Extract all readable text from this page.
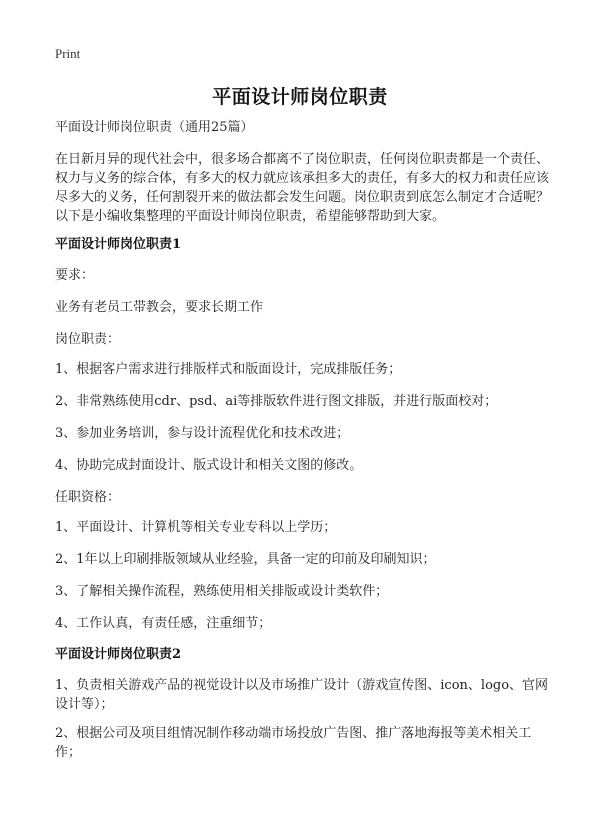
Print
平面设计师岗位职责
平面设计师岗位职责（通用25篇）
在日新月异的现代社会中，很多场合都离不了岗位职责，任何岗位职责都是一个责任、权力与义务的综合体，有多大的权力就应该承担多大的责任，有多大的权力和责任应该尽多大的义务，任何割裂开来的做法都会发生问题。岗位职责到底怎么制定才合适呢？以下是小编收集整理的平面设计师岗位职责，希望能够帮助到大家。
平面设计师岗位职责1
要求：
业务有老员工带教会，要求长期工作
岗位职责：
1、根据客户需求进行排版样式和版面设计，完成排版任务；
2、非常熟练使用cdr、psd、ai等排版软件进行图文排版，并进行版面校对；
3、参加业务培训，参与设计流程优化和技术改进；
4、协助完成封面设计、版式设计和相关文图的修改。
任职资格：
1、平面设计、计算机等相关专业专科以上学历；
2、1年以上印刷排版领域从业经验，具备一定的印前及印刷知识；
3、了解相关操作流程，熟练使用相关排版或设计类软件；
4、工作认真，有责任感，注重细节；
平面设计师岗位职责2
1、负责相关游戏产品的视觉设计以及市场推广设计（游戏宣传图、icon、logo、官网设计等）；
2、根据公司及项目组情况制作移动端市场投放广告图、推广落地海报等美术相关工作；
